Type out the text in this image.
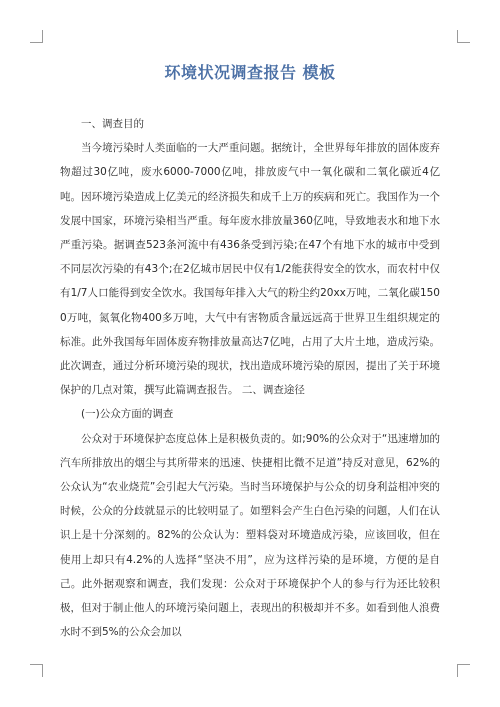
环境状况调查报告 模板

一、调查目的

当今境污染时人类面临的一大严重问题。据统计，全世界每年排放的固体废弃物超过30亿吨，废水6000-7000亿吨，排放废气中一氧化碳和二氧化碳近4亿吨。因环境污染造成上亿美元的经济损失和成千上万的疾病和死亡。我国作为一个发展中国家，环境污染相当严重。每年废水排放量360亿吨，导致地表水和地下水严重污染。据调查523条河流中有436条受到污染;在47个有地下水的城市中受到不同层次污染的有43个;在2亿城市居民中仅有1/2能获得安全的饮水，而农村中仅有1/7人口能得到安全饮水。我国每年排入大气的粉尘约20xx万吨，二氧化碳1500万吨，氮氧化物400多万吨，大气中有害物质含量远远高于世界卫生组织规定的标准。此外我国每年固体废弃物排放量高达7亿吨，占用了大片土地，造成污染。此次调查，通过分析环境污染的现状，找出造成环境污染的原因，提出了关于环境保护的几点对策，撰写此篇调查报告。 二、调查途径

(一)公众方面的调查

公众对于环境保护态度总体上是积极负责的。如;90%的公众对于“迅速增加的汽车所排放出的烟尘与其所带来的迅速、快捷相比微不足道”持反对意见，62%的公众认为“农业烧荒”会引起大气污染。当时当环境保护与公众的切身利益相冲突的时候，公众的分歧就显示的比较明显了。如塑料会产生白色污染的问题，人们在认识上是十分深刻的。82%的公众认为：塑料袋对环境造成污染，应该回收，但在使用上却只有4.2%的人选择“坚决不用”，应为这样污染的是环境，方便的是自己。此外据观察和调查，我们发现：公众对于环境保护个人的参与行为还比较积极，但对于制止他人的环境污染问题上，表现出的积极却并不多。如看到他人浪费水时不到5%的公众会加以
